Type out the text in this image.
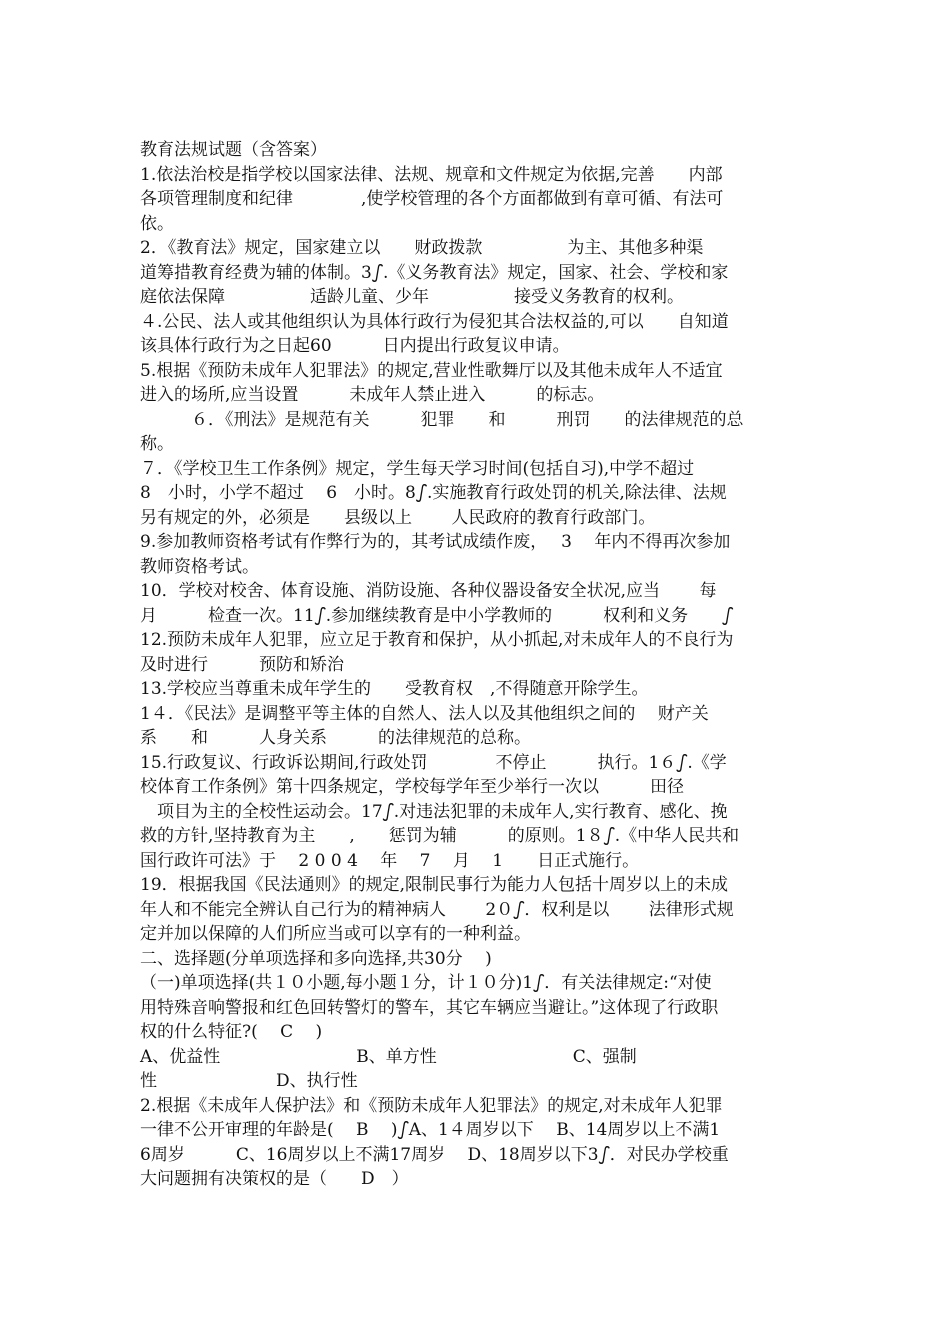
教育法规试题（含答案）
1.依法治校是指学校以国家法律、法规、规章和文件规定为依据,完善　　内部
各项管理制度和纪律　　　　,使学校管理的各个方面都做到有章可循、有法可
依。
2．《教育法》规定，国家建立以　　财政拨款　　　　　为主、其他多种渠
道筹措教育经费为辅的体制。3ഽ.《义务教育法》规定，国家、社会、学校和家
庭依法保障　　　　　适龄儿童、少年　　　　　接受义务教育的权利。
４.公民、法人或其他组织认为具体行政行为侵犯其合法权益的,可以　　自知道
该具体行政行为之日起60　　　日内提出行政复议申请。
5.根据《预防未成年人犯罪法》的规定,营业性歌舞厅以及其他未成年人不适宜
进入的场所,应当设置　　　未成年人禁止进入　　　的标志。
　　　６．《刑法》是规范有关　　　犯罪　　和　　　刑罚　　的法律规范的总
称。
７．《学校卫生工作条例》规定，学生每天学习时间(包括自习),中学不超过
8　小时，小学不超过　 6　小时。8ഽ.实施教育行政处罚的机关,除法律、法规
另有规定的外，必须是　　县级以上　　 人民政府的教育行政部门。
9.参加教师资格考试有作弊行为的，其考试成绩作废，　 3　 年内不得再次参加
教师资格考试。
10．学校对校舍、体育设施、消防设施、各种仪器设备安全状况,应当　　 每
月　　　检查一次。11ഽ.参加继续教育是中小学教师的　　　权利和义务　　ഽ
12.预防未成年人犯罪，应立足于教育和保护，从小抓起,对未成年人的不良行为
及时进行　　　预防和矫治
13.学校应当尊重未成年学生的　　受教育权　,不得随意开除学生。
1４．《民法》是调整平等主体的自然人、法人以及其他组织之间的　 财产关
系　　和　　　人身关系　　　的法律规范的总称。
15.行政复议、行政诉讼期间,行政处罚　　　　不停止　　　执行。1６ഽ.《学
校体育工作条例》第十四条规定，学校每学年至少举行一次以　　　田径
　项目为主的全校性运动会。17ഽ.对违法犯罪的未成年人,实行教育、感化、挽
救的方针,坚持教育为主　　,　　惩罚为辅　　　的原则。1８ഽ.《中华人民共和
国行政许可法》于　 2 0 0 4　 年　 7　 月　 1　　日正式施行。
19．根据我国《民法通则》的规定,限制民事行为能力人包括十周岁以上的未成
年人和不能完全辨认自己行为的精神病人　　 2０ഽ．权利是以　　 法律形式规
定并加以保障的人们所应当或可以享有的一种利益。
二、选择题(分单项选择和多向选择,共30分　 )
（一)单项选择(共１０小题,每小题１分，计１０分)1ഽ．有关法律规定:“对使
用特殊音响警报和红色回转警灯的警车，其它车辆应当避让。”这体现了行政职
权的什么特征?(　 C　 )
A、优益性　　　　　　　　B、单方性　　　　　　　　C、强制
性　　　　　　　D、执行性
2.根据《未成年人保护法》和《预防未成年人犯罪法》的规定,对未成年人犯罪
一律不公开审理的年龄是(　 B　 )ഽA、1４周岁以下　 B、14周岁以上不满1
6周岁　　　C、16周岁以上不满17周岁　 D、18周岁以下3ഽ．对民办学校重
大问题拥有决策权的是（　　D　）
